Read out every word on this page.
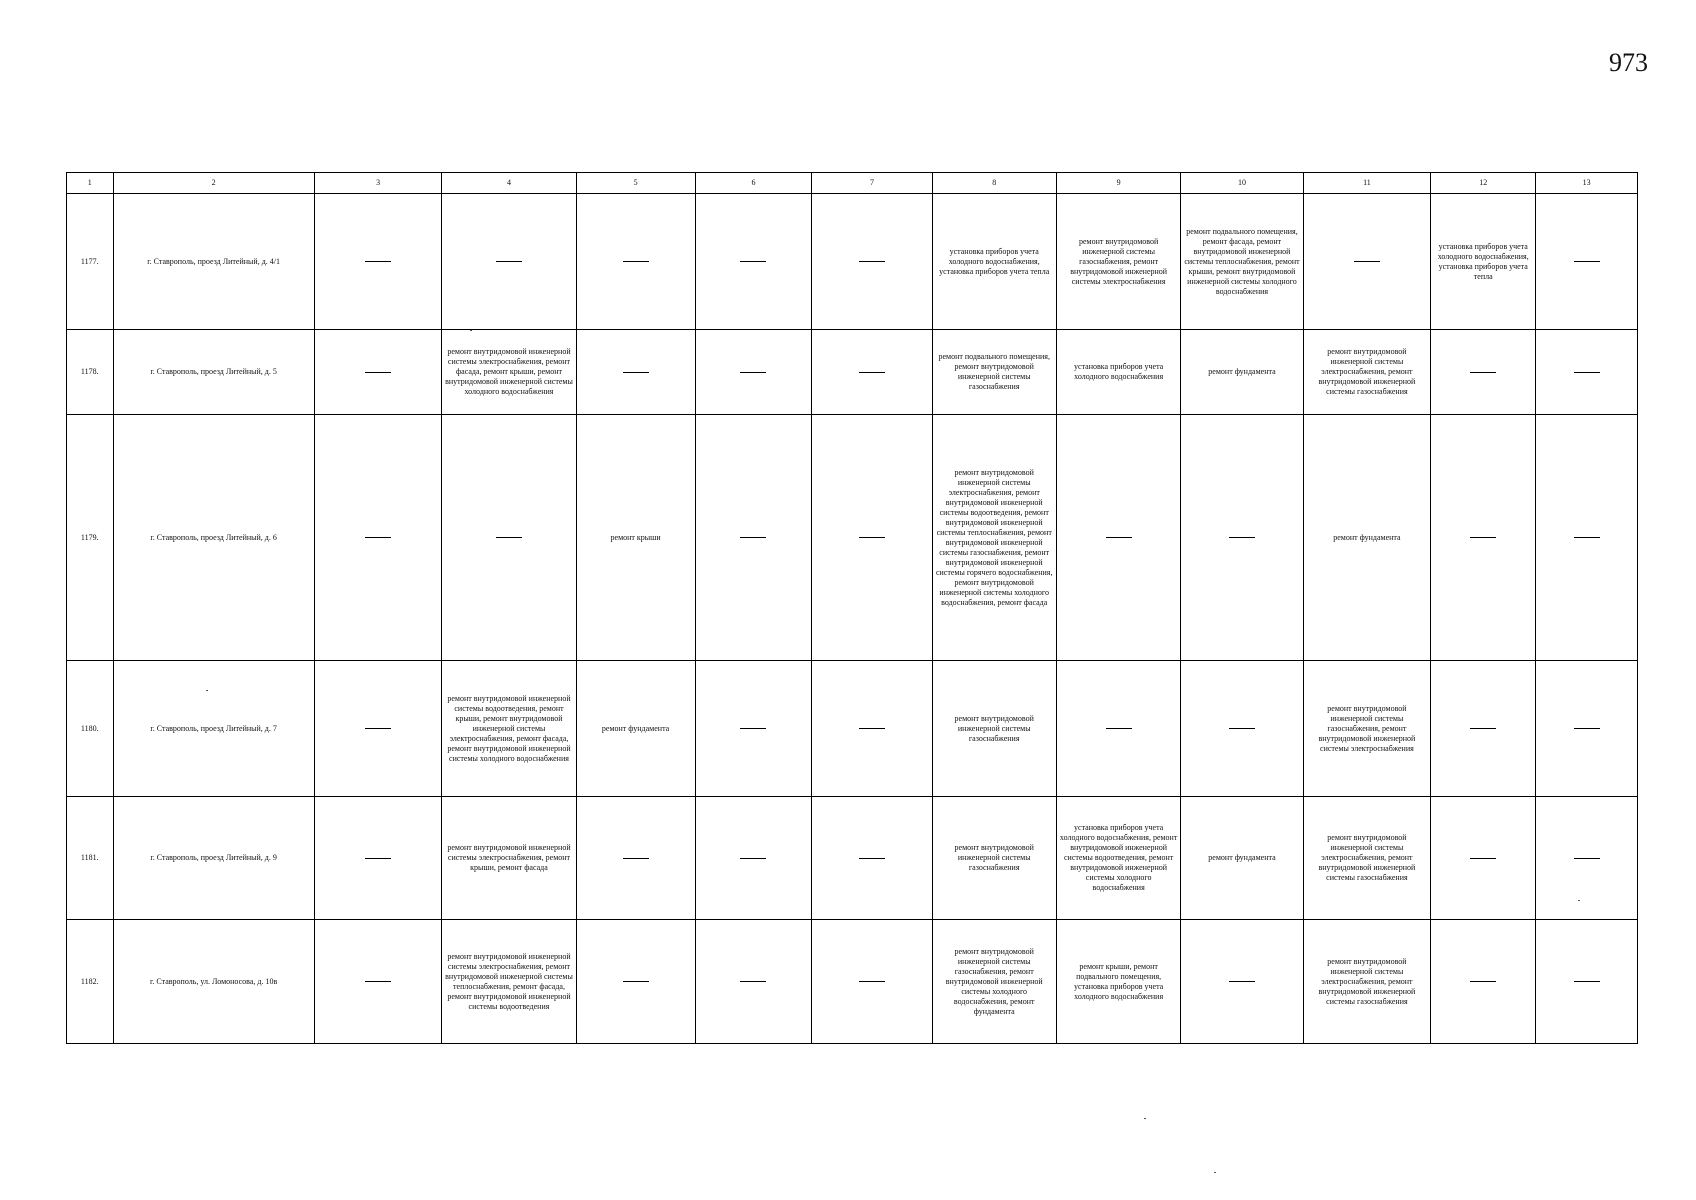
973
1	2	3	4	5	6	7	8	9	10	11	12	13
1177.	г. Ставрополь, проезд Литейный, д. 4/1						установка приборов учета холодного водоснабжения, установка приборов учета тепла	ремонт внутридомовой инженерной системы газоснабжения, ремонт внутридомовой инженерной системы электроснабжения	ремонт подвального помещения, ремонт фасада, ремонт внутридомовой инженерной системы теплоснабжения, ремонт крыши, ремонт внутридомовой инженерной системы холодного водоснабжения		установка приборов учета холодного водоснабжения, установка приборов учета тепла	
1178.	г. Ставрополь, проезд Литейный, д. 5		ремонт внутридомовой инженерной системы электроснабжения, ремонт фасада, ремонт крыши, ремонт внутридомовой инженерной системы холодного водоснабжения				ремонт подвального помещения, ремонт внутридомовой инженерной системы газоснабжения	установка приборов учета холодного водоснабжения	ремонт фундамента	ремонт внутридомовой инженерной системы электроснабжения, ремонт внутридомовой инженерной системы газоснабжения		
1179.	г. Ставрополь, проезд Литейный, д. 6			ремонт крыши			ремонт внутридомовой инженерной системы электроснабжения, ремонт внутридомовой инженерной системы водоотведения, ремонт внутридомовой инженерной системы теплоснабжения, ремонт внутридомовой инженерной системы газоснабжения, ремонт внутридомовой инженерной системы горячего водоснабжения, ремонт внутридомовой инженерной системы холодного водоснабжения, ремонт фасада			ремонт фундамента		
1180.	г. Ставрополь, проезд Литейный, д. 7		ремонт внутридомовой инженерной системы водоотведения, ремонт крыши, ремонт внутридомовой инженерной системы электроснабжения, ремонт фасада, ремонт внутридомовой инженерной системы холодного водоснабжения	ремонт фундамента			ремонт внутридомовой инженерной системы газоснабжения			ремонт внутридомовой инженерной системы газоснабжения, ремонт внутридомовой инженерной системы электроснабжения		
1181.	г. Ставрополь, проезд Литейный, д. 9		ремонт внутридомовой инженерной системы электроснабжения, ремонт крыши, ремонт фасада				ремонт внутридомовой инженерной системы газоснабжения	установка приборов учета холодного водоснабжения, ремонт внутридомовой инженерной системы водоотведения, ремонт внутридомовой инженерной системы холодного водоснабжения	ремонт фундамента	ремонт внутридомовой инженерной системы электроснабжения, ремонт внутридомовой инженерной системы газоснабжения		
1182.	г. Ставрополь, ул. Ломоносова, д. 10в		ремонт внутридомовой инженерной системы электроснабжения, ремонт внутридомовой инженерной системы теплоснабжения, ремонт фасада, ремонт внутридомовой инженерной системы водоотведения				ремонт внутридомовой инженерной системы газоснабжения, ремонт внутридомовой инженерной системы холодного водоснабжения, ремонт фундамента	ремонт крыши, ремонт подвального помещения, установка приборов учета холодного водоснабжения		ремонт внутридомовой инженерной системы электроснабжения, ремонт внутридомовой инженерной системы газоснабжения		
